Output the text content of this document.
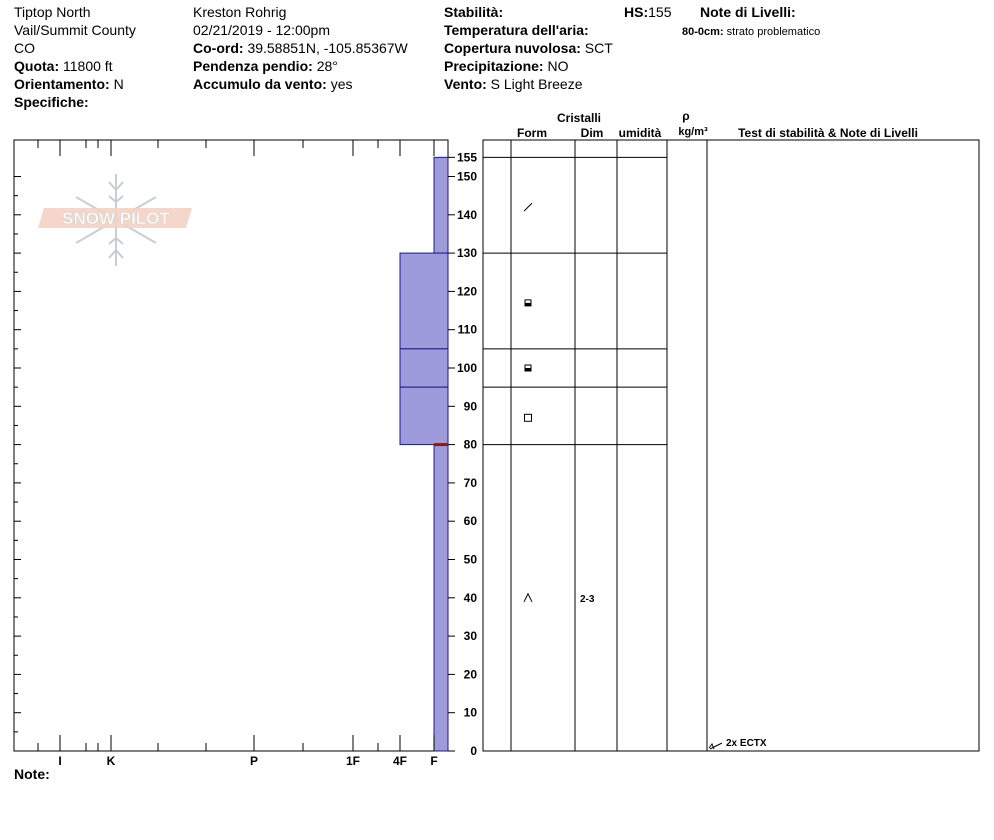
Tiptop North
Vail/Summit County
CO
Quota: 11800 ft
Orientamento: N
Specifiche:
Kreston Rohrig
02/21/2019 - 12:00pm
Co-ord: 39.58851N, -105.85367W
Pendenza pendio: 28°
Accumulo da vento: yes
Stabilità:
Temperatura dell'aria:
Copertura nuvolosa: SCT
Precipitazione: NO
Vento: S Light Breeze
HS:155 Note di Livelli:
80-0cm: strato problematico
SNOW PILOT
I	K	P	1F	4F F
0
10
20
30
40
50
60
70
80
90
100
110
120
130
140
150
155
2-3
2x ECTX
Cristalli
Form	Dim umidità
ρ
kg/m³	Test di stabilità & Note di Livelli
Note:
